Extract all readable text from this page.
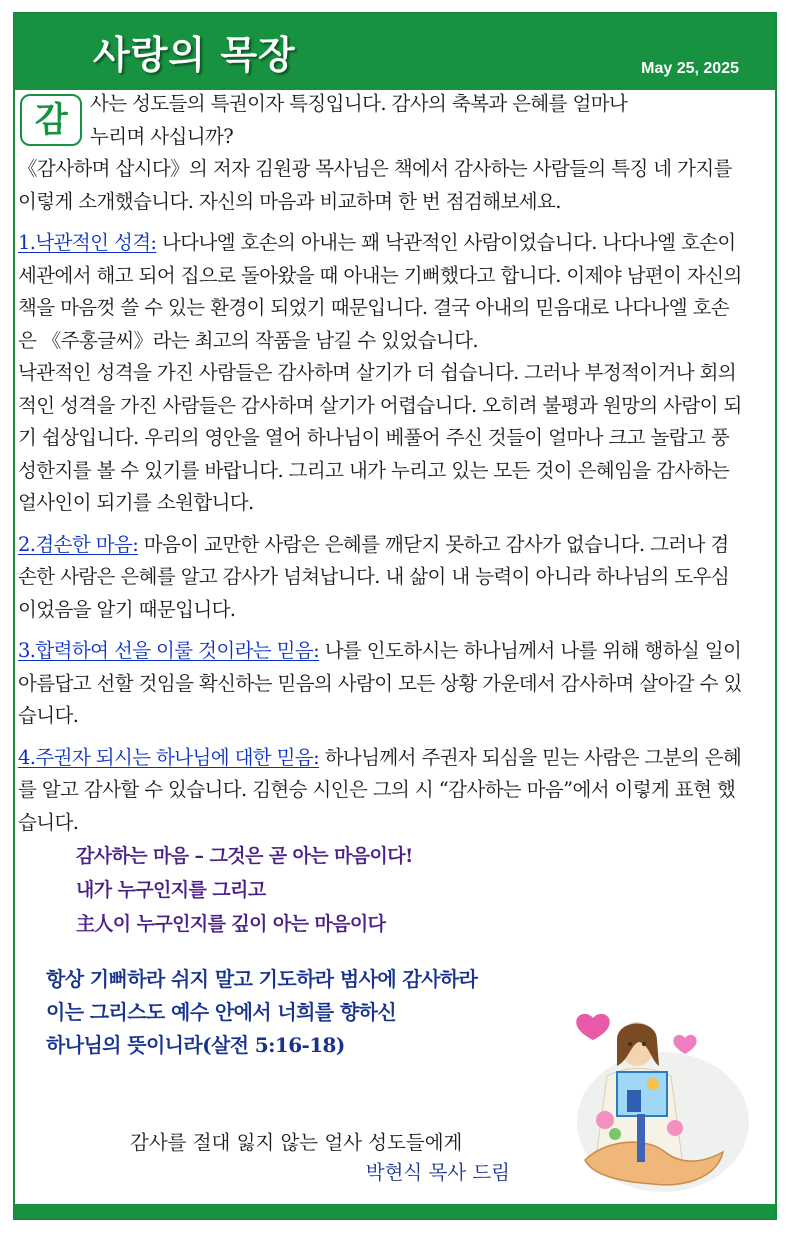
사랑의 목장	May 25, 2025
감	사는 성도들의 특권이자 특징입니다. 감사의 축복과 은혜를 얼마나

누리며 사십니까?

《감사하며 삽시다》의 저자 김원광 목사님은 책에서 감사하는 사람들의 특징 네 가지를 이렇게 소개했습니다. 자신의 마음과 비교하며 한 번 점검해보세요.

1.낙관적인 성격: 나다나엘 호손의 아내는 꽤 낙관적인 사람이었습니다. 나다나엘 호손이 세관에서 해고 되어 집으로 돌아왔을 때 아내는 기뻐했다고 합니다. 이제야 남편이 자신의 책을 마음껏 쓸 수 있는 환경이 되었기 때문입니다. 결국 아내의 믿음대로 나다나엘 호손은 《주홍글씨》라는 최고의 작품을 남길 수 있었습니다.

낙관적인 성격을 가진 사람들은 감사하며 살기가 더 쉽습니다. 그러나 부정적이거나 회의적인 성격을 가진 사람들은 감사하며 살기가 어렵습니다. 오히려 불평과 원망의 사람이 되기 쉽상입니다. 우리의 영안을 열어 하나님이 베풀어 주신 것들이 얼마나 크고 놀랍고 풍성한지를 볼 수 있기를 바랍니다. 그리고 내가 누리고 있는 모든 것이 은혜임을 감사하는 얼사인이 되기를 소원합니다.

2.겸손한 마음: 마음이 교만한 사람은 은혜를 깨닫지 못하고 감사가 없습니다. 그러나 겸손한 사람은 은혜를 알고 감사가 넘쳐납니다. 내 삶이 내 능력이 아니라 하나님의 도우심이었음을 알기 때문입니다.

3.합력하여 선을 이룰 것이라는 믿음: 나를 인도하시는 하나님께서 나를 위해 행하실 일이 아름답고 선할 것임을 확신하는 믿음의 사람이 모든 상황 가운데서 감사하며 살아갈 수 있습니다.

4.주권자 되시는 하나님에 대한 믿음: 하나님께서 주권자 되심을 믿는 사람은 그분의 은혜를 알고 감사할 수 있습니다. 김현승 시인은 그의 시 “감사하는 마음”에서 이렇게 표현 했습니다.

감사하는 마음 – 그것은 곧 아는 마음이다!
내가 누구인지를 그리고
主人이 누구인지를 깊이 아는 마음이다
항상 기뻐하라 쉬지 말고 기도하라 범사에 감사하라
이는 그리스도 예수 안에서 너희를 향하신
하나님의 뜻이니라(살전 5:16-18)
감사를 절대 잃지 않는 얼사 성도들에게
박현식 목사 드림
